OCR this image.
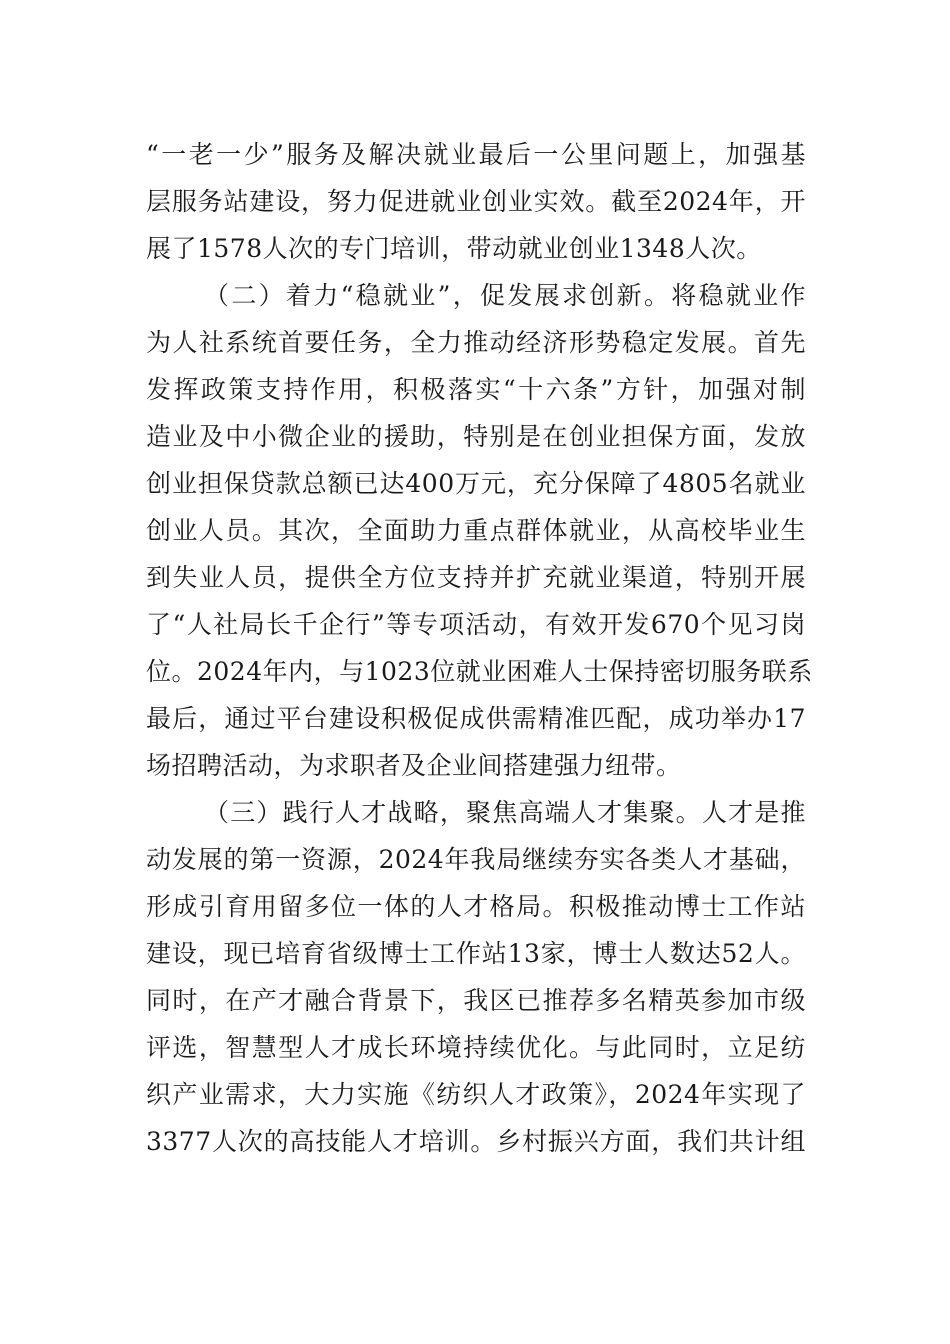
“一老一少”服务及解决就业最后一公里问题上，加强基
层服务站建设，努力促进就业创业实效。截至2024年，开
展了1578人次的专门培训，带动就业创业1348人次。
（二）着力“稳就业”，促发展求创新。将稳就业作
为人社系统首要任务，全力推动经济形势稳定发展。首先
发挥政策支持作用，积极落实“十六条”方针，加强对制
造业及中小微企业的援助，特别是在创业担保方面，发放
创业担保贷款总额已达400万元，充分保障了4805名就业
创业人员。其次，全面助力重点群体就业，从高校毕业生
到失业人员，提供全方位支持并扩充就业渠道，特别开展
了“人社局长千企行”等专项活动，有效开发670个见习岗
位。2024年内，与1023位就业困难人士保持密切服务联系
最后，通过平台建设积极促成供需精准匹配，成功举办17
场招聘活动，为求职者及企业间搭建强力纽带。
（三）践行人才战略，聚焦高端人才集聚。人才是推
动发展的第一资源，2024年我局继续夯实各类人才基础，
形成引育用留多位一体的人才格局。积极推动博士工作站
建设，现已培育省级博士工作站13家，博士人数达52人。
同时，在产才融合背景下，我区已推荐多名精英参加市级
评选，智慧型人才成长环境持续优化。与此同时，立足纺
织产业需求，大力实施《纺织人才政策》，2024年实现了
3377人次的高技能人才培训。乡村振兴方面，我们共计组
